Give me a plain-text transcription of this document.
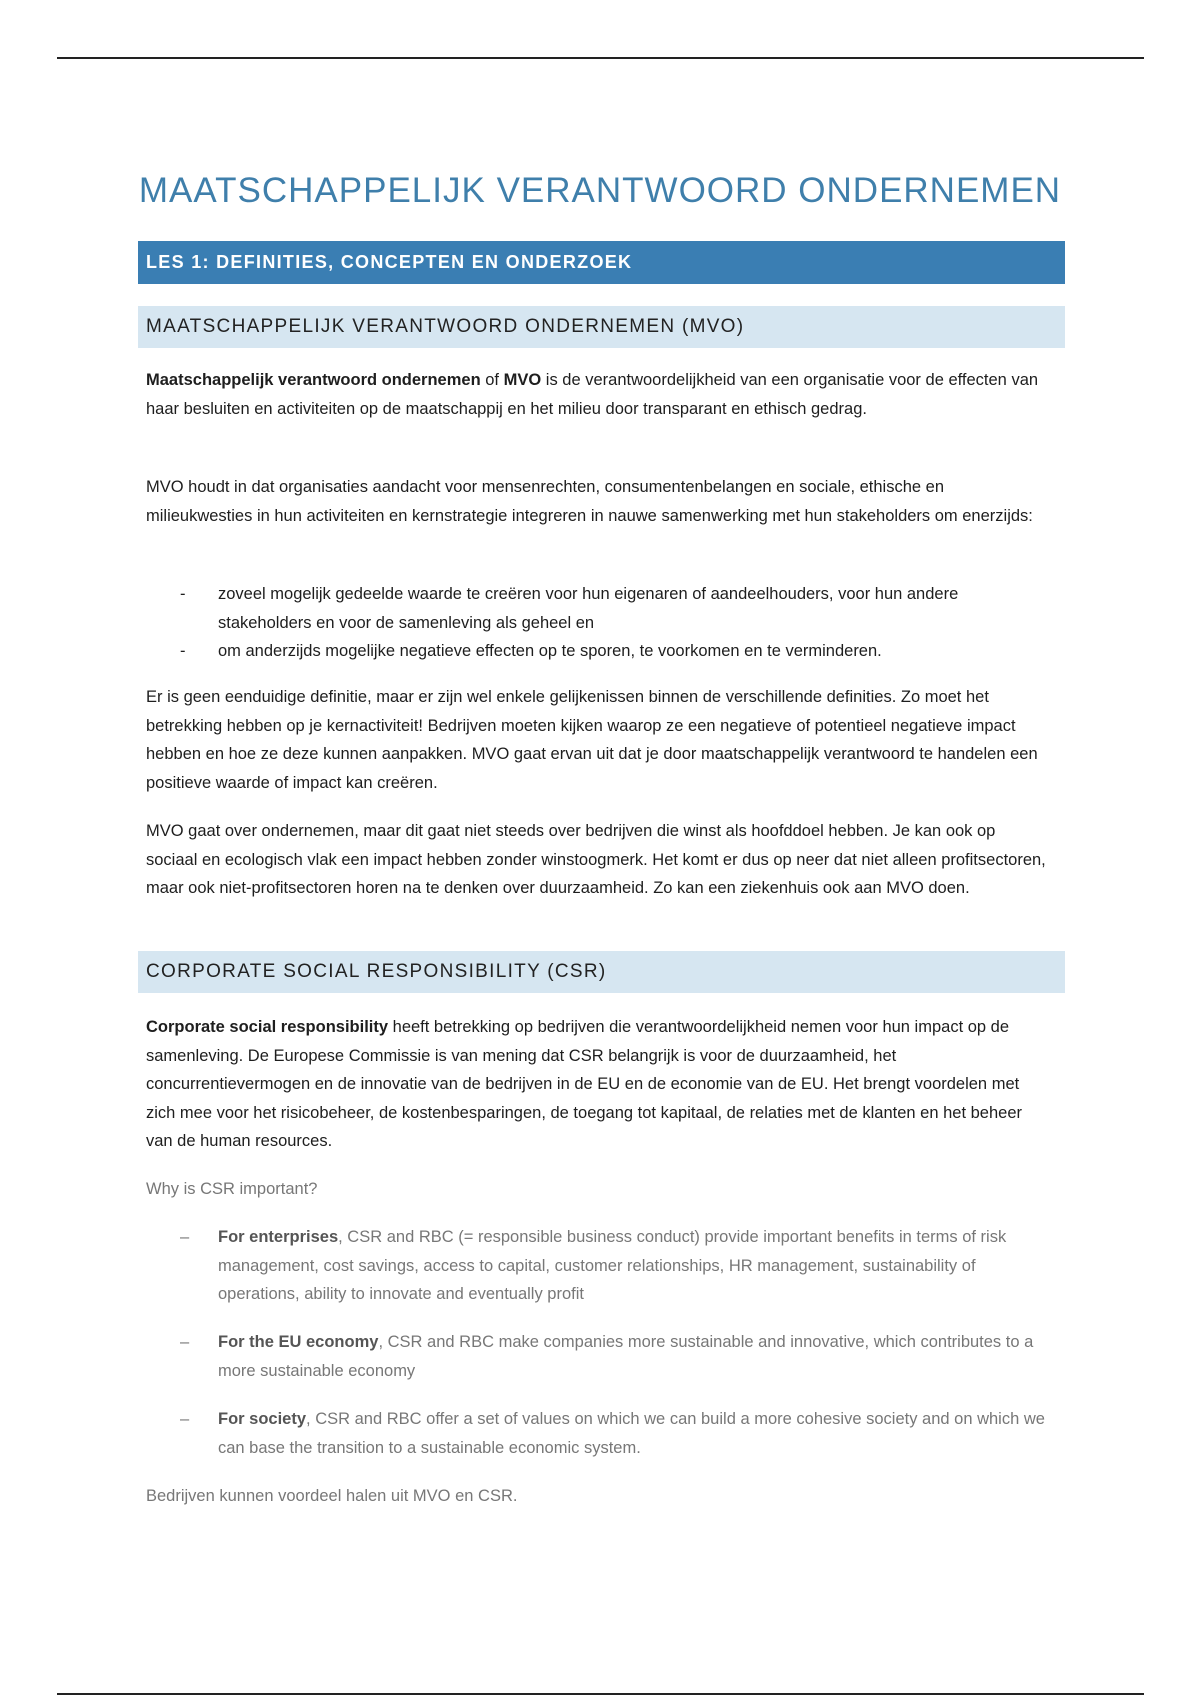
MAATSCHAPPELIJK VERANTWOORD ONDERNEMEN
LES 1: DEFINITIES, CONCEPTEN EN ONDERZOEK
MAATSCHAPPELIJK VERANTWOORD ONDERNEMEN (MVO)

Maatschappelijk verantwoord ondernemen of MVO is de verantwoordelijkheid van een organisatie voor de effecten van haar besluiten en activiteiten op de maatschappij en het milieu door transparant en ethisch gedrag.

MVO houdt in dat organisaties aandacht voor mensenrechten, consumentenbelangen en sociale, ethische en milieukwesties in hun activiteiten en kernstrategie integreren in nauwe samenwerking met hun stakeholders om enerzijds:

- zoveel mogelijk gedeelde waarde te creëren voor hun eigenaren of aandeelhouders, voor hun andere stakeholders en voor de samenleving als geheel en
- om anderzijds mogelijke negatieve effecten op te sporen, te voorkomen en te verminderen.

Er is geen eenduidige definitie, maar er zijn wel enkele gelijkenissen binnen de verschillende definities. Zo moet het betrekking hebben op je kernactiviteit! Bedrijven moeten kijken waarop ze een negatieve of potentieel negatieve impact hebben en hoe ze deze kunnen aanpakken. MVO gaat ervan uit dat je door maatschappelijk verantwoord te handelen een positieve waarde of impact kan creëren.

MVO gaat over ondernemen, maar dit gaat niet steeds over bedrijven die winst als hoofddoel hebben. Je kan ook op sociaal en ecologisch vlak een impact hebben zonder winstoogmerk. Het komt er dus op neer dat niet alleen profitsectoren, maar ook niet-profitsectoren horen na te denken over duurzaamheid. Zo kan een ziekenhuis ook aan MVO doen.

CORPORATE SOCIAL RESPONSIBILITY (CSR)

Corporate social responsibility heeft betrekking op bedrijven die verantwoordelijkheid nemen voor hun impact op de samenleving. De Europese Commissie is van mening dat CSR belangrijk is voor de duurzaamheid, het concurrentievermogen en de innovatie van de bedrijven in de EU en de economie van de EU. Het brengt voordelen met zich mee voor het risicobeheer, de kostenbesparingen, de toegang tot kapitaal, de relaties met de klanten en het beheer van de human resources.

Why is CSR important?
– For enterprises, CSR and RBC (= responsible business conduct) provide important benefits in terms of risk management, cost savings, access to capital, customer relationships, HR management, sustainability of operations, ability to innovate and eventually profit
– For the EU economy, CSR and RBC make companies more sustainable and innovative, which contributes to a more sustainable economy
– For society, CSR and RBC offer a set of values on which we can build a more cohesive society and on which we can base the transition to a sustainable economic system.
Bedrijven kunnen voordeel halen uit MVO en CSR.
